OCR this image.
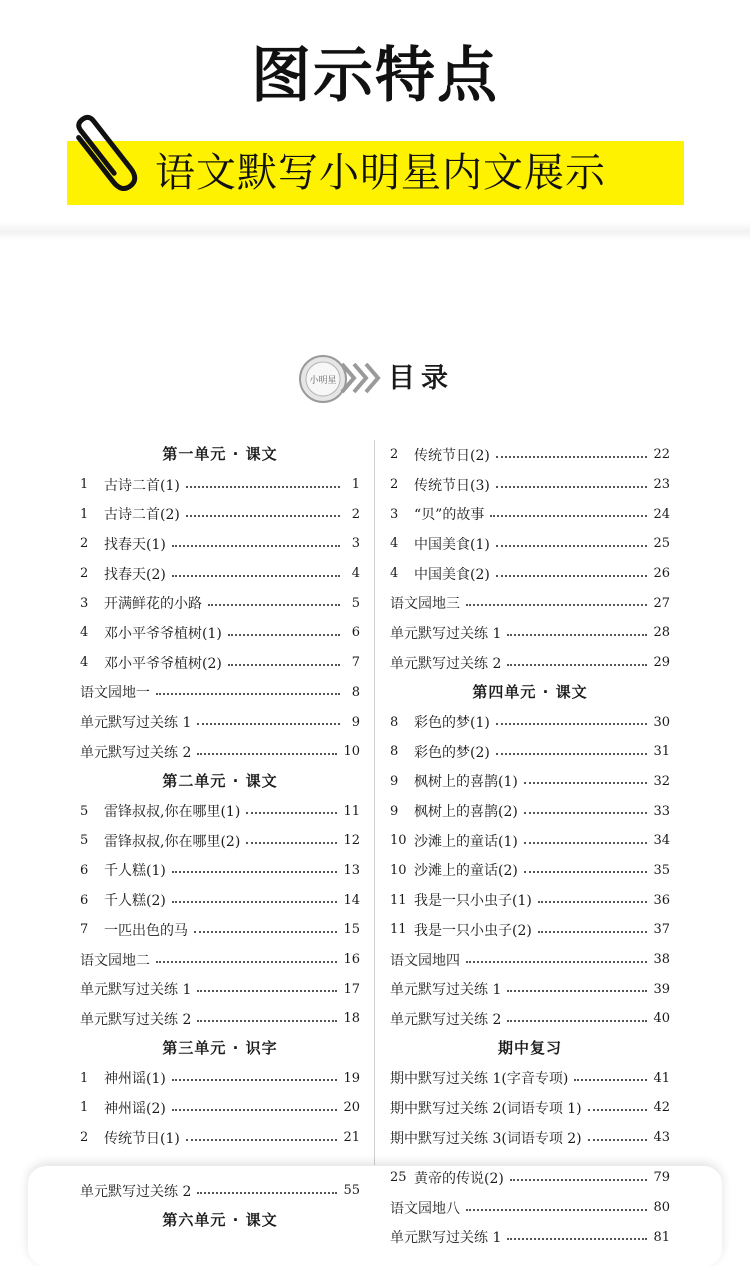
图示特点
语文默写小明星内文展示
小明星 目录
第一单元 · 课文
1	古诗二首(1)	1
1	古诗二首(2)	2
2	找春天(1)	3
2	找春天(2)	4
3	开满鲜花的小路	5
4	邓小平爷爷植树(1)	6
4	邓小平爷爷植树(2)	7
语文园地一	8
单元默写过关练 1	9
单元默写过关练 2	10
第二单元 · 课文
5	雷锋叔叔,你在哪里(1)	11
5	雷锋叔叔,你在哪里(2)	12
6	千人糕(1)	13
6	千人糕(2)	14
7	一匹出色的马	15
语文园地二	16
单元默写过关练 1	17
单元默写过关练 2	18
第三单元 · 识字
1	神州谣(1)	19
1	神州谣(2)	20
2	传统节日(1)	21
2	传统节日(2)	22
2	传统节日(3)	23
3	“贝”的故事	24
4	中国美食(1)	25
4	中国美食(2)	26
语文园地三	27
单元默写过关练 1	28
单元默写过关练 2	29
第四单元 · 课文
8	彩色的梦(1)	30
8	彩色的梦(2)	31
9	枫树上的喜鹊(1)	32
9	枫树上的喜鹊(2)	33
10 沙滩上的童话(1)	34
10 沙滩上的童话(2)	35
11 我是一只小虫子(1)	36
11 我是一只小虫子(2)	37
语文园地四	38
单元默写过关练 1	39
单元默写过关练 2	40
期中复习
期中默写过关练 1(字音专项)	41
期中默写过关练 2(词语专项 1)	42
期中默写过关练 3(词语专项 2)	43
单元默写过关练 2	55
第六单元 · 课文
25 黄帝的传说(2)	79
语文园地八	80
单元默写过关练 1	81
